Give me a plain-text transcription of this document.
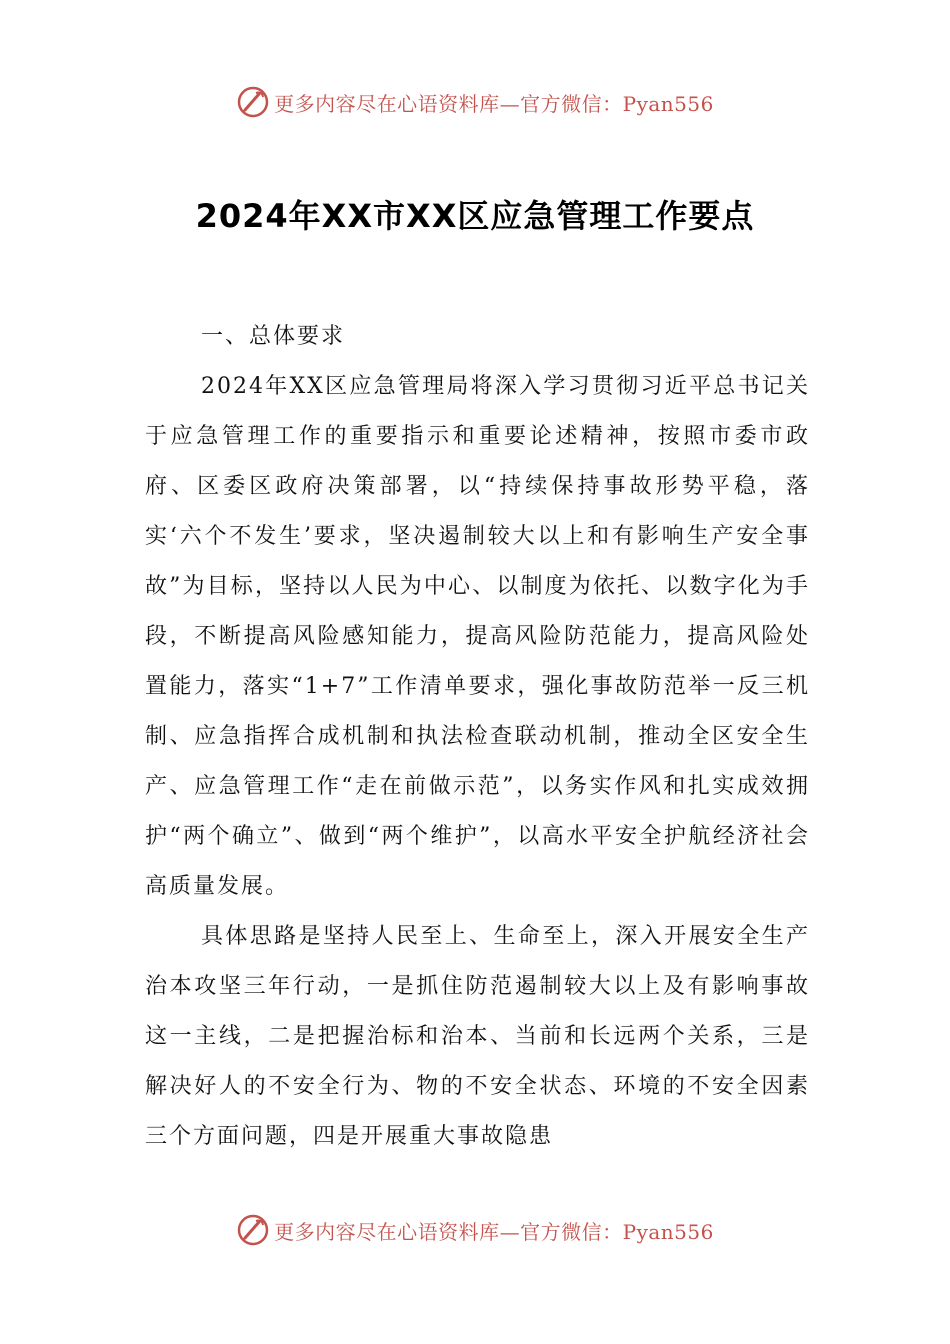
更多内容尽在心语资料库—官方微信：Pyan556
2024年XX市XX区应急管理工作要点

一、总体要求

2024年XX区应急管理局将深入学习贯彻习近平总书记关于应急管理工作的重要指示和重要论述精神，按照市委市政府、区委区政府决策部署，以“持续保持事故形势平稳，落实‘六个不发生’要求，坚决遏制较大以上和有影响生产安全事故”为目标，坚持以人民为中心、以制度为依托、以数字化为手段，不断提高风险感知能力，提高风险防范能力，提高风险处置能力，落实“1+7”工作清单要求，强化事故防范举一反三机制、应急指挥合成机制和执法检查联动机制，推动全区安全生产、应急管理工作“走在前做示范”，以务实作风和扎实成效拥护“两个确立”、做到“两个维护”，以高水平安全护航经济社会高质量发展。

具体思路是坚持人民至上、生命至上，深入开展安全生产治本攻坚三年行动，一是抓住防范遏制较大以上及有影响事故这一主线，二是把握治标和治本、当前和长远两个关系，三是解决好人的不安全行为、物的不安全状态、环境的不安全因素三个方面问题，四是开展重大事故隐患

更多内容尽在心语资料库—官方微信：Pyan556
